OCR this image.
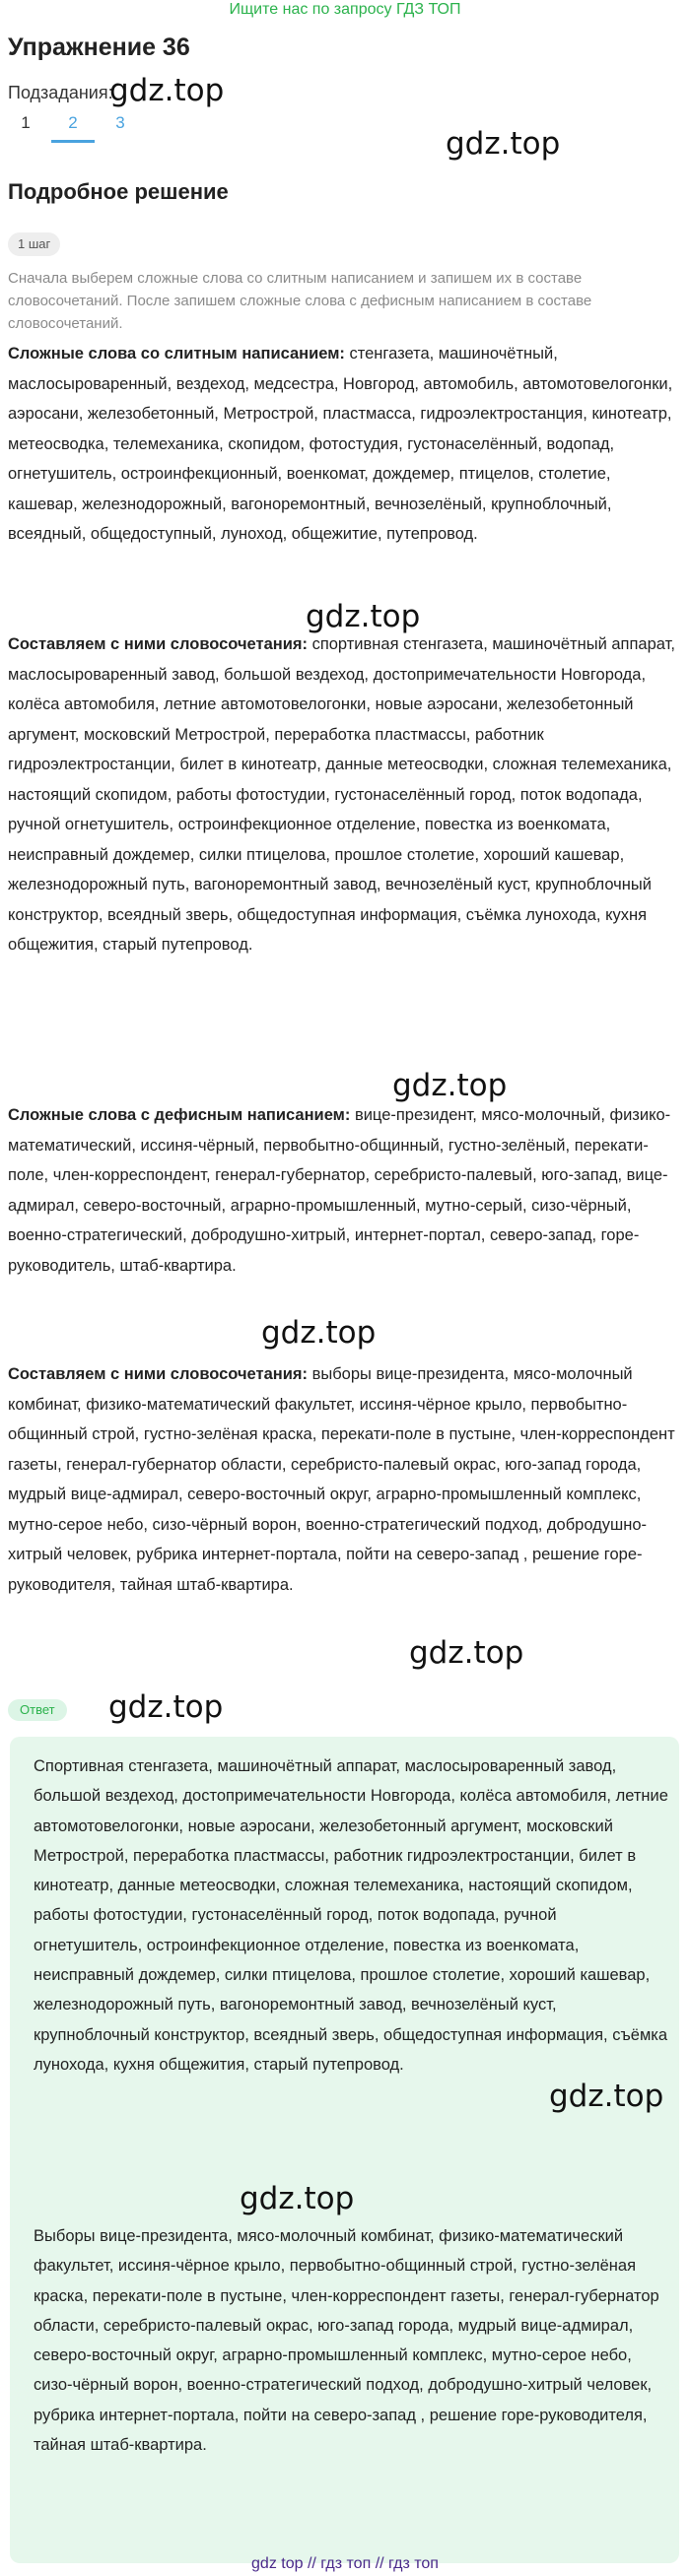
Ищите нас по запросу ГДЗ ТОП
Упражнение 36
Подзадания:
gdz.top
1	2	3
gdz.top
Подробное решение
1 шаг
Сначала выберем сложные слова со слитным написанием и запишем их в составе словосочетаний. После запишем сложные слова с дефисным написанием в составе словосочетаний.
Сложные слова со слитным написанием: стенгазета, машиночётный, маслосыроваренный, вездеход, медсестра, Новгород, автомобиль, автомотовелогонки, аэросани, железобетонный, Метрострой, пластмасса, гидроэлектростанция, кинотеатр, метеосводка, телемеханика, скопидом, фотостудия, густонаселённый, водопад, огнетушитель, остроинфекционный, военкомат, дождемер, птицелов, столетие, кашевар, железнодорожный, вагоноремонтный, вечнозелёный, крупноблочный, всеядный, общедоступный, луноход, общежитие, путепровод.
gdz.top
Составляем с ними словосочетания: спортивная стенгазета, машиночётный аппарат, маслосыроваренный завод, большой вездеход, достопримечательности Новгорода, колёса автомобиля, летние автомотовелогонки, новые аэросани, железобетонный аргумент, московский Метрострой, переработка пластмассы, работник гидроэлектростанции, билет в кинотеатр, данные метеосводки, сложная телемеханика, настоящий скопидом, работы фотостудии, густонаселённый город, поток водопада, ручной огнетушитель, остроинфекционное отделение, повестка из военкомата, неисправный дождемер, силки птицелова, прошлое столетие, хороший кашевар, железнодорожный путь, вагоноремонтный завод, вечнозелёный куст, крупноблочный конструктор, всеядный зверь, общедоступная информация, съёмка лунохода, кухня общежития, старый путепровод.
gdz.top
Сложные слова с дефисным написанием: вице-президент, мясо-молочный, физико-математический, иссиня-чёрный, первобытно-общинный, густно-зелёный, перекати-поле, член-корреспондент, генерал-губернатор, серебристо-палевый, юго-запад, вице-адмирал, северо-восточный, аграрно-промышленный, мутно-серый, сизо-чёрный, военно-стратегический, добродушно-хитрый, интернет-портал, северо-запад, горе-руководитель, штаб-квартира.
gdz.top
Составляем с ними словосочетания: выборы вице-президента, мясо-молочный комбинат, физико-математический факультет, иссиня-чёрное крыло, первобытно-общинный строй, густно-зелёная краска, перекати-поле в пустыне, член-корреспондент газеты, генерал-губернатор области, серебристо-палевый окрас, юго-запад города, мудрый вице-адмирал, северо-восточный округ, аграрно-промышленный комплекс, мутно-серое небо, сизо-чёрный ворон, военно-стратегический подход, добродушно-хитрый человек, рубрика интернет-портала, пойти на северо-запад , решение горе-руководителя, тайная штаб-квартира.
gdz.top
Ответ	gdz.top
Спортивная стенгазета, машиночётный аппарат, маслосыроваренный завод, большой вездеход, достопримечательности Новгорода, колёса автомобиля, летние автомотовелогонки, новые аэросани, железобетонный аргумент, московский Метрострой, переработка пластмассы, работник гидроэлектростанции, билет в кинотеатр, данные метеосводки, сложная телемеханика, настоящий скопидом, работы фотостудии, густонаселённый город, поток водопада, ручной огнетушитель, остроинфекционное отделение, повестка из военкомата, неисправный дождемер, силки птицелова, прошлое столетие, хороший кашевар, железнодорожный путь, вагоноремонтный завод, вечнозелёный куст, крупноблочный конструктор, всеядный зверь, общедоступная информация, съёмка лунохода, кухня общежития, старый путепровод.
gdz.top
gdz.top
Выборы вице-президента, мясо-молочный комбинат, физико-математический факультет, иссиня-чёрное крыло, первобытно-общинный строй, густно-зелёная краска, перекати-поле в пустыне, член-корреспондент газеты, генерал-губернатор области, серебристо-палевый окрас, юго-запад города, мудрый вице-адмирал, северо-восточный округ, аграрно-промышленный комплекс, мутно-серое небо, сизо-чёрный ворон, военно-стратегический подход, добродушно-хитрый человек, рубрика интернет-портала, пойти на северо-запад , решение горе-руководителя, тайная штаб-квартира.
gdz top // гдз топ // гдз топ
